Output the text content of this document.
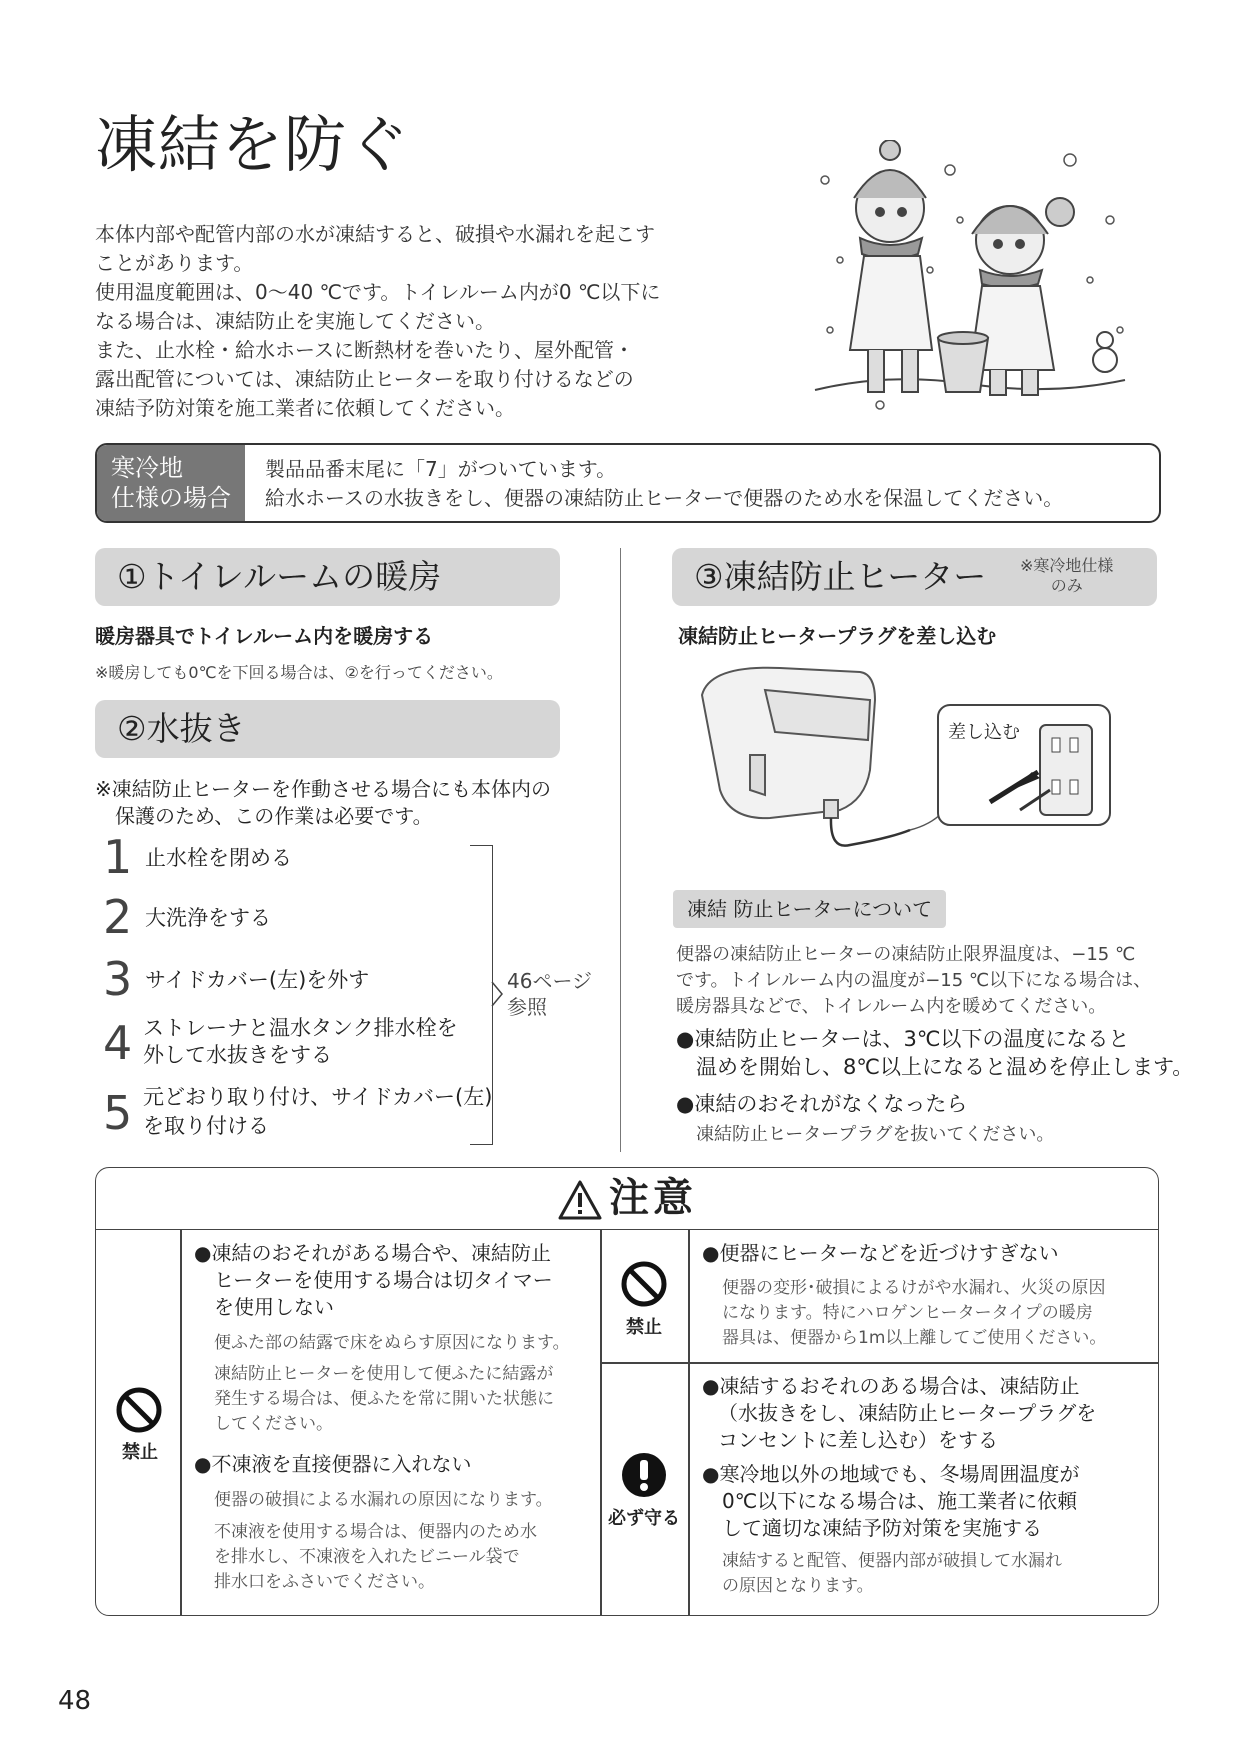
凍結を防ぐ
本体内部や配管内部の水が凍結すると、破損や水漏れを起こす
ことがあります。
使用温度範囲は、0～40 ℃です。トイレルーム内が0 ℃以下に
なる場合は、凍結防止を実施してください。
また、止水栓・給水ホースに断熱材を巻いたり、屋外配管・
露出配管については、凍結防止ヒーターを取り付けるなどの
凍結予防対策を施工業者に依頼してください。
寒冷地
仕様の場合
製品品番末尾に「7」がついています。
給水ホースの水抜きをし、便器の凍結防止ヒーターで便器のため水を保温してください。
①トイレルームの暖房
暖房器具でトイレルーム内を暖房する
※暖房しても0℃を下回る場合は、②を行ってください。
②水抜き
※凍結防止ヒーターを作動させる場合にも本体内の
保護のため、この作業は必要です。
1 止水栓を閉める
2 大洗浄をする
3 サイドカバー(左)を外す
4 ストレーナと温水タンク排水栓を
外して水抜きをする
5 元どおり取り付け、サイドカバー(左)
を取り付ける
46ページ
参照
③凍結防止ヒーター	※寒冷地仕様
のみ
凍結防止ヒータープラグを差し込む
差し込む
凍結 防止ヒーターについて
便器の凍結防止ヒーターの凍結防止限界温度は、−15 ℃
です。トイレルーム内の温度が−15 ℃以下になる場合は、
暖房器具などで、トイレルーム内を暖めてください。
●凍結防止ヒーターは、3℃以下の温度になると
温めを開始し、8℃以上になると温めを停止します。
●凍結のおそれがなくなったら
凍結防止ヒータープラグを抜いてください。
注意
禁止
●凍結のおそれがある場合や、凍結防止
ヒーターを使用する場合は切タイマー
を使用しない
便ふた部の結露で床をぬらす原因になります。
凍結防止ヒーターを使用して便ふたに結露が
発生する場合は、便ふたを常に開いた状態に
してください。
●不凍液を直接便器に入れない
便器の破損による水漏れの原因になります。
不凍液を使用する場合は、便器内のため水
を排水し、不凍液を入れたビニール袋で
排水口をふさいでください。
禁止
●便器にヒーターなどを近づけすぎない
便器の変形･破損によるけがや水漏れ、火災の原因
になります。特にハロゲンヒータータイプの暖房
器具は、便器から1m以上離してご使用ください。
必ず守る
●凍結するおそれのある場合は、凍結防止
（水抜きをし、凍結防止ヒータープラグを
コンセントに差し込む）をする
●寒冷地以外の地域でも、冬場周囲温度が
0℃以下になる場合は、施工業者に依頼
して適切な凍結予防対策を実施する
凍結すると配管、便器内部が破損して水漏れ
の原因となります。
48
